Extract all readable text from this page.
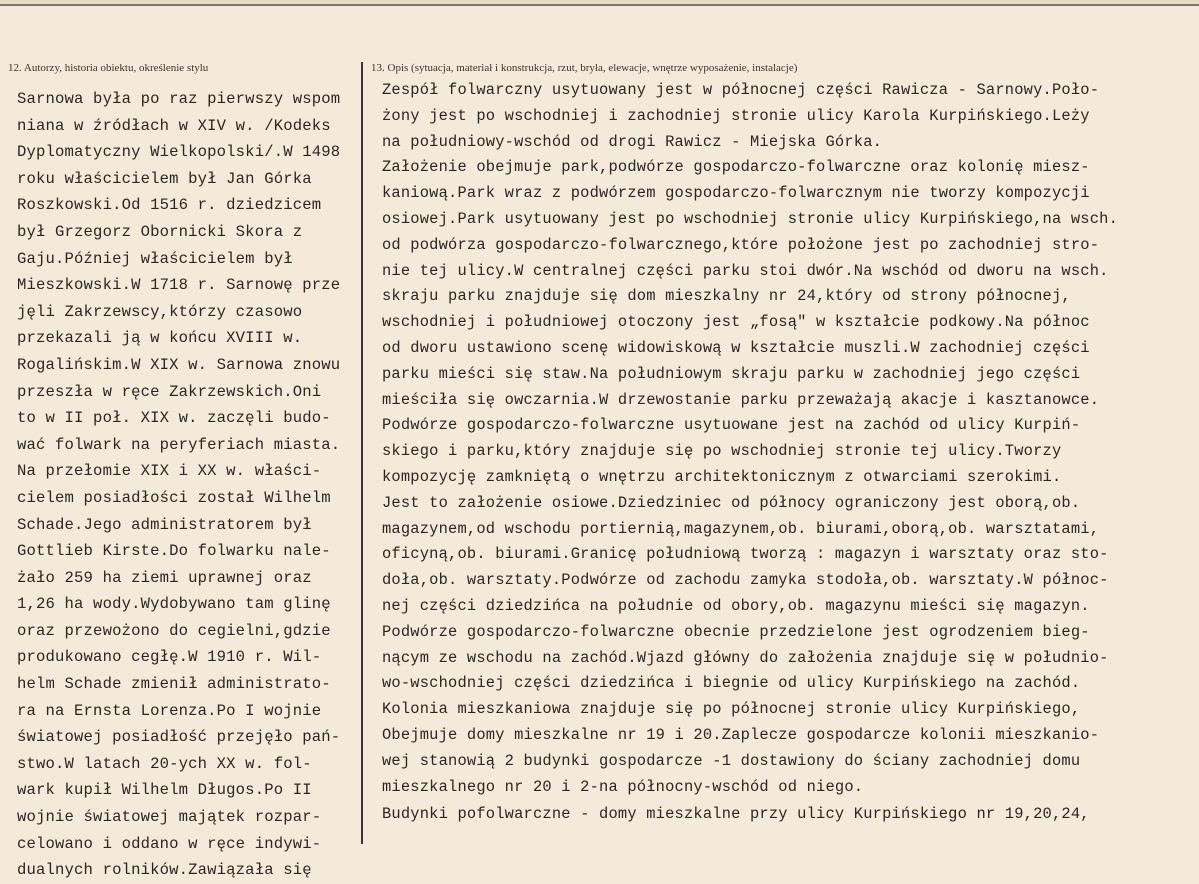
12. Autorzy, historia obiektu, określenie stylu	13. Opis (sytuacja, materiał i konstrukcja, rzut, bryła, elewacje, wnętrze wyposażenie, instalacje)
Sarnowa była po raz pierwszy wspom
niana w źródłach w XIV w. /Kodeks
Dyplomatyczny Wielkopolski/.W 1498
roku właścicielem był Jan Górka
Roszkowski.Od 1516 r. dziedzicem
był Grzegorz Obornicki Skora z
Gaju.Później właścicielem był
Mieszkowski.W 1718 r. Sarnowę prze
jęli Zakrzewscy,którzy czasowo
przekazali ją w końcu XVIII w.
Rogalińskim.W XIX w. Sarnowa znowu
przeszła w ręce Zakrzewskich.Oni
to w II poł. XIX w. zaczęli budo-
wać folwark na peryferiach miasta.
Na przełomie XIX i XX w. właści-
cielem posiadłości został Wilhelm
Schade.Jego administratorem był
Gottlieb Kirste.Do folwarku nale-
żało 259 ha ziemi uprawnej oraz
1,26 ha wody.Wydobywano tam glinę
oraz przewożono do cegielni,gdzie
produkowano cegłę.W 1910 r. Wil-
helm Schade zmienił administrato-
ra na Ernsta Lorenza.Po I wojnie
światowej posiadłość przejęło pań-
stwo.W latach 20-ych XX w. fol-
wark kupił Wilhelm Długos.Po II
wojnie światowej majątek rozpar-
celowano i oddano w ręce indywi-
dualnych rolników.Zawiązała się
Zespół folwarczny usytuowany jest w północnej części Rawicza - Sarnowy.Poło-
żony jest po wschodniej i zachodniej stronie ulicy Karola Kurpińskiego.Leży
na południowy-wschód od drogi Rawicz - Miejska Górka.
Założenie obejmuje park,podwórze gospodarczo-folwarczne oraz kolonię miesz-
kaniową.Park wraz z podwórzem gospodarczo-folwarcznym nie tworzy kompozycji
osiowej.Park usytuowany jest po wschodniej stronie ulicy Kurpińskiego,na wsch.
od podwórza gospodarczo-folwarcznego,które położone jest po zachodniej stro-
nie tej ulicy.W centralnej części parku stoi dwór.Na wschód od dworu na wsch.
skraju parku znajduje się dom mieszkalny nr 24,który od strony północnej,
wschodniej i południowej otoczony jest „fosą" w kształcie podkowy.Na północ
od dworu ustawiono scenę widowiskową w kształcie muszli.W zachodniej części
parku mieści się staw.Na południowym skraju parku w zachodniej jego części
mieściła się owczarnia.W drzewostanie parku przeważają akacje i kasztanowce.
Podwórze gospodarczo-folwarczne usytuowane jest na zachód od ulicy Kurpiń-
skiego i parku,który znajduje się po wschodniej stronie tej ulicy.Tworzy
kompozycję zamkniętą o wnętrzu architektonicznym z otwarciami szerokimi.
Jest to założenie osiowe.Dziedziniec od północy ograniczony jest oborą,ob.
magazynem,od wschodu portiernią,magazynem,ob. biurami,oborą,ob. warsztatami,
oficyną,ob. biurami.Granicę południową tworzą : magazyn i warsztaty oraz sto-
doła,ob. warsztaty.Podwórze od zachodu zamyka stodoła,ob. warsztaty.W północ-
nej części dziedzińca na południe od obory,ob. magazynu mieści się magazyn.
Podwórze gospodarczo-folwarczne obecnie przedzielone jest ogrodzeniem bieg-
nącym ze wschodu na zachód.Wjazd główny do założenia znajduje się w południo-
wo-wschodniej części dziedzińca i biegnie od ulicy Kurpińskiego na zachód.
Kolonia mieszkaniowa znajduje się po północnej stronie ulicy Kurpińskiego,
Obejmuje domy mieszkalne nr 19 i 20.Zaplecze gospodarcze kolonii mieszkanio-
wej stanowią 2 budynki gospodarcze -1 dostawiony do ściany zachodniej domu
mieszkalnego nr 20 i 2-na północny-wschód od niego.
Budynki pofolwarczne - domy mieszkalne przy ulicy Kurpińskiego nr 19,20,24,
